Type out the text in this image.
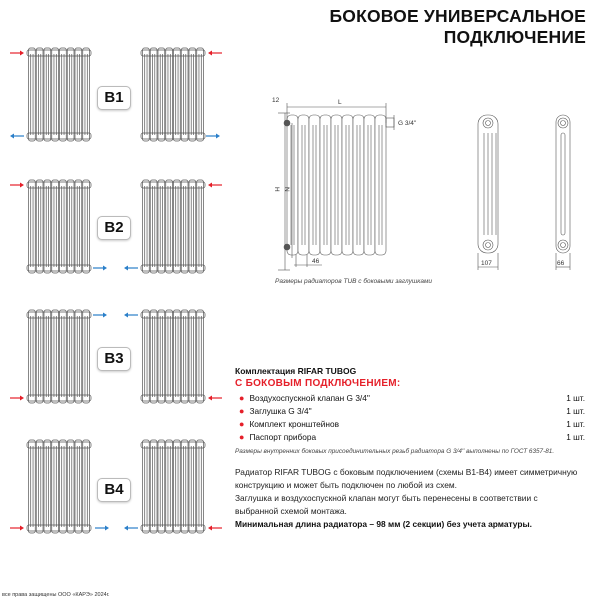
БОКОВОЕ УНИВЕРСАЛЬНОЕ
ПОДКЛЮЧЕНИЕ
B1
B2
B3
B4
12	L
G 3/4''
H N
46	107	66
Размеры радиаторов TUB с боковыми заглушками
Комплектация RIFAR TUBOG
С БОКОВЫМ ПОДКЛЮЧЕНИЕМ:
● Воздухоспускной клапан G 3/4''	1 шт.
● Заглушка G 3/4''	1 шт.
● Комплект кронштейнов	1 шт.
● Паспорт прибора	1 шт.
Размеры внутренних боковых присоединительных резьб радиатора G 3/4'' выполнены по ГОСТ 6357-81.
Радиатор RIFAR TUBOG с боковым подключением (схемы B1-B4) имеет симметричную конструкцию и может быть подключен по любой из схем.
Заглушка и воздухоспускной клапан могут быть перенесены в соответствии с выбранной схемой монтажа.
Минимальная длина радиатора – 98 мм (2 секции) без учета арматуры.
все права защищены ООО «КАРЭ» 2024г.
